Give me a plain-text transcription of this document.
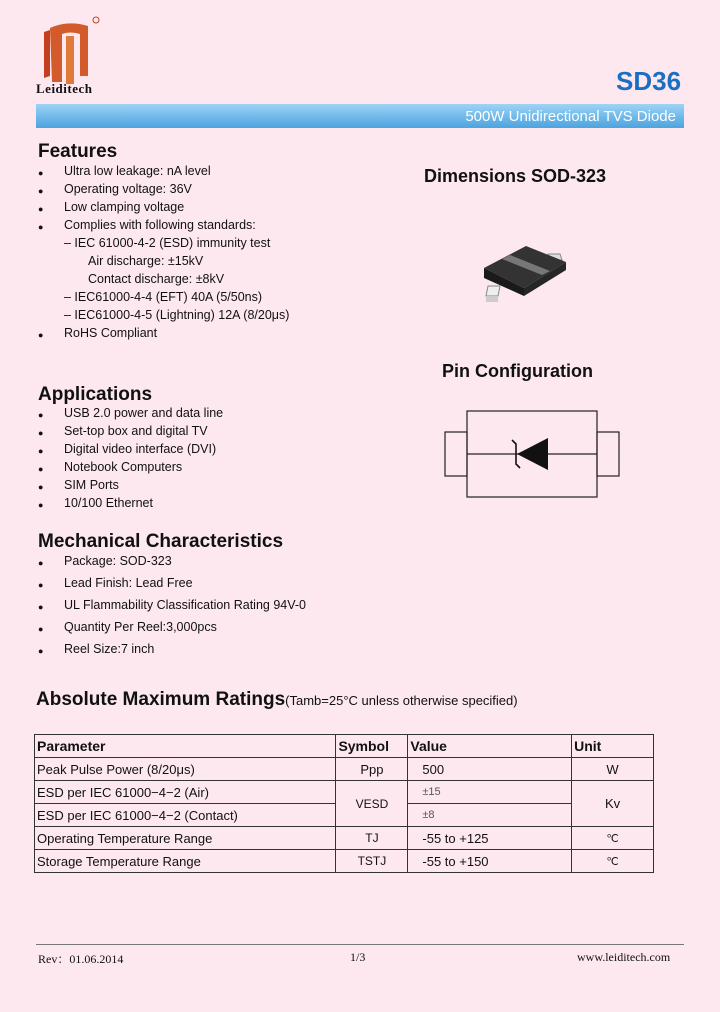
Leiditech	SD36
500W Unidirectional TVS Diode
Features
● Ultra low leakage: nA level
● Operating voltage: 36V
● Low clamping voltage
● Complies with following standards:
– IEC 61000-4-2 (ESD) immunity test
Air discharge: ±15kV
Contact discharge: ±8kV
– IEC61000-4-4 (EFT) 40A (5/50ns)
– IEC61000-4-5 (Lightning) 12A (8/20μs)
● RoHS Compliant
Dimensions SOD-323
Pin Configuration
Applications
● USB 2.0 power and data line
● Set-top box and digital TV
● Digital video interface (DVI)
● Notebook Computers
● SIM Ports
● 10/100 Ethernet
Mechanical Characteristics
● Package: SOD-323
● Lead Finish: Lead Free
● UL Flammability Classification Rating 94V-0
● Quantity Per Reel:3,000pcs
● Reel Size:7 inch
Absolute Maximum Ratings(Tamb=25°C unless otherwise specified)
Parameter	Symbol	Value	Unit
Peak Pulse Power (8/20μs)	Ppp	500	W
ESD per IEC 61000−4−2 (Air)	VESD	±15	Kv
ESD per IEC 61000−4−2 (Contact)		±8	
Operating Temperature Range	TJ	-55 to +125	℃
Storage Temperature Range	TSTJ	-55 to +150	℃
Rev：01.06.2014	1/3	www.leiditech.com
